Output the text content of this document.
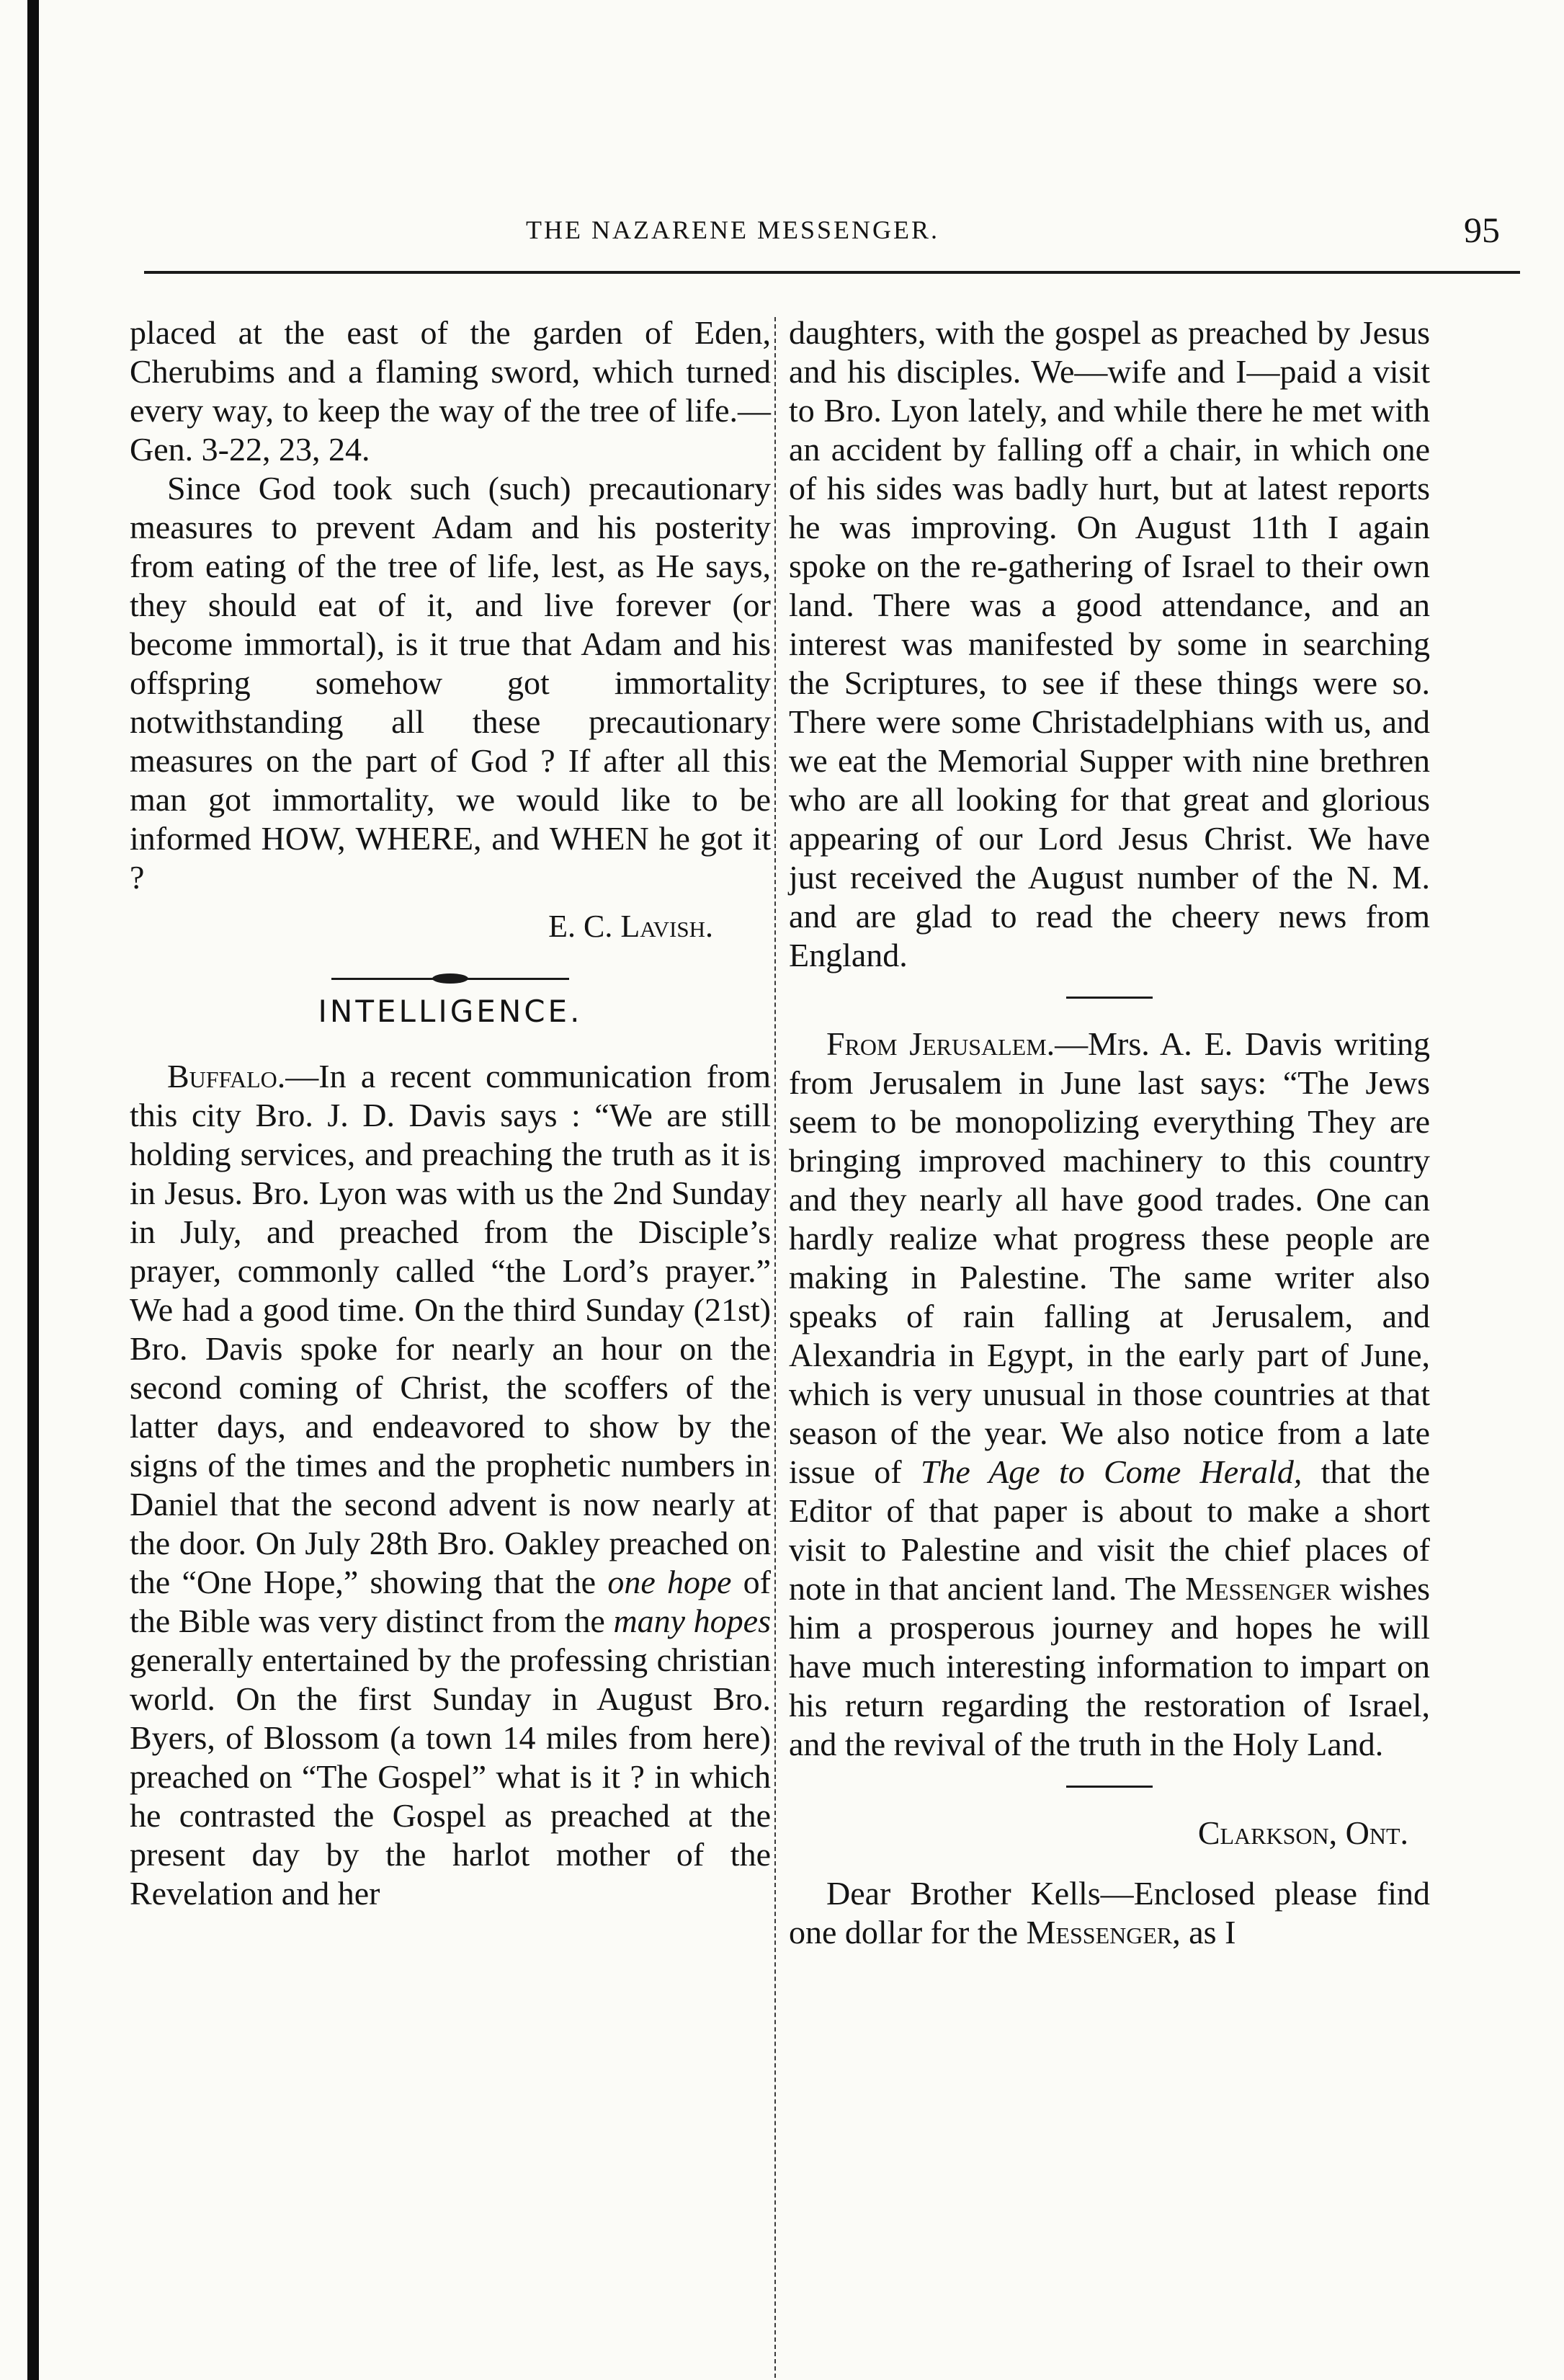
THE NAZARENE MESSENGER.	95

placed at the east of the garden of Eden, Cherubims and a flaming sword, which turned every way, to keep the way of the tree of life.—Gen. 3-22, 23, 24.

Since God took such (such) precautionary measures to prevent Adam and his posterity from eating of the tree of life, lest, as He says, they should eat of it, and live forever (or become immortal), is it true that Adam and his offspring somehow got immortality notwithstanding all these precautionary measures on the part of God ? If after all this man got immortality, we would like to be informed HOW, WHERE, and WHEN he got it ?

E. C. Lavish.

INTELLIGENCE.

Buffalo.—In a recent communication from this city Bro. J. D. Davis says : “We are still holding services, and preaching the truth as it is in Jesus. Bro. Lyon was with us the 2nd Sunday in July, and preached from the Disciple’s prayer, commonly called “the Lord’s prayer.” We had a good time. On the third Sunday (21st) Bro. Davis spoke for nearly an hour on the second coming of Christ, the scoffers of the latter days, and endeavored to show by the signs of the times and the prophetic numbers in Daniel that the second advent is now nearly at the door. On July 28th Bro. Oakley preached on the “One Hope,” showing that the one hope of the Bible was very distinct from the many hopes generally entertained by the professing christian world. On the first Sunday in August Bro. Byers, of Blossom (a town 14 miles from here) preached on “The Gospel” what is it ? in which he contrasted the Gospel as preached at the present day by the harlot mother of the Revelation and her

daughters, with the gospel as preached by Jesus and his disciples. We—wife and I—paid a visit to Bro. Lyon lately, and while there he met with an accident by falling off a chair, in which one of his sides was badly hurt, but at latest reports he was improving. On August 11th I again spoke on the re-gathering of Israel to their own land. There was a good attendance, and an interest was manifested by some in searching the Scriptures, to see if these things were so. There were some Christadelphians with us, and we eat the Memorial Supper with nine brethren who are all looking for that great and glorious appearing of our Lord Jesus Christ. We have just received the August number of the N. M. and are glad to read the cheery news from England.

From Jerusalem.—Mrs. A. E. Davis writing from Jerusalem in June last says: “The Jews seem to be monopolizing everything They are bringing improved machinery to this country and they nearly all have good trades. One can hardly realize what progress these people are making in Palestine. The same writer also speaks of rain falling at Jerusalem, and Alexandria in Egypt, in the early part of June, which is very unusual in those countries at that season of the year. We also notice from a late issue of The Age to Come Herald, that the Editor of that paper is about to make a short visit to Palestine and visit the chief places of note in that ancient land. The Messenger wishes him a prosperous journey and hopes he will have much interesting information to impart on his return regarding the restoration of Israel, and the revival of the truth in the Holy Land.

Clarkson, Ont.

Dear Brother Kells—Enclosed please find one dollar for the Messenger, as I
